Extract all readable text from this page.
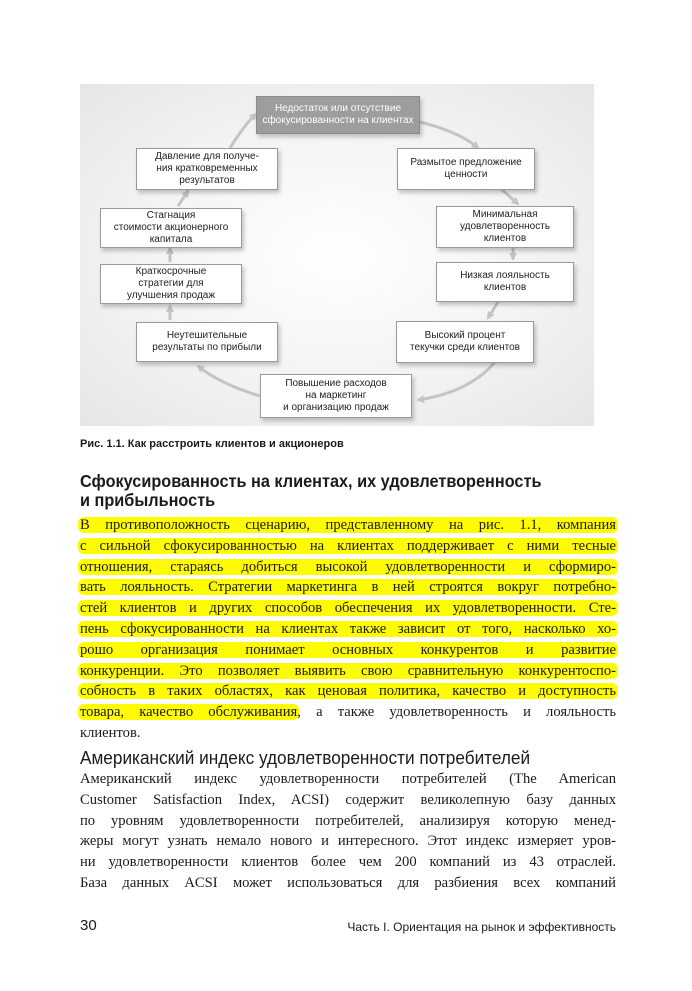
Недостаток или отсутствие
сфокусированности на клиентах
Размытое предложение
ценности
Минимальная
удовлетворенность
клиентов
Низкая лояльность
клиентов
Высокий процент
текучки среди клиентов
Повышение расходов
на маркетинг
и организацию продаж
Неутешительные
результаты по прибыли
Краткосрочные
стратегии для
улучшения продаж
Стагнация
стоимости акционерного
капитала
Давление для получе-
ния кратковременных
результатов
Рис. 1.1. Как расстроить клиентов и акционеров
Сфокусированность на клиентах, их удовлетворенность
и прибыльность
В противоположность сценарию, представленному на рис. 1.1, компания
с сильной сфокусированностью на клиентах поддерживает с ними тесные
отношения, стараясь добиться высокой удовлетворенности и сформиро-
вать лояльность. Стратегии маркетинга в ней строятся вокруг потребно-
стей клиентов и других способов обеспечения их удовлетворенности. Сте-
пень сфокусированности на клиентах также зависит от того, насколько хо-
рошо организация понимает основных конкурентов и развитие
конкуренции. Это позволяет выявить свою сравнительную конкурентоспо-
собность в таких областях, как ценовая политика, качество и доступность
товара, качество обслуживания, а также удовлетворенность и лояльность
клиентов.
Американский индекс удовлетворенности потребителей
Американский индекс удовлетворенности потребителей (The American
Customer Satisfaction Index, ACSI) содержит великолепную базу данных
по уровням удовлетворенности потребителей, анализируя которую менед-
жеры могут узнать немало нового и интересного. Этот индекс измеряет уров-
ни удовлетворенности клиентов более чем 200 компаний из 43 отраслей.
База данных ACSI может использоваться для разбиения всех компаний
30	Часть I. Ориентация на рынок и эффективность
